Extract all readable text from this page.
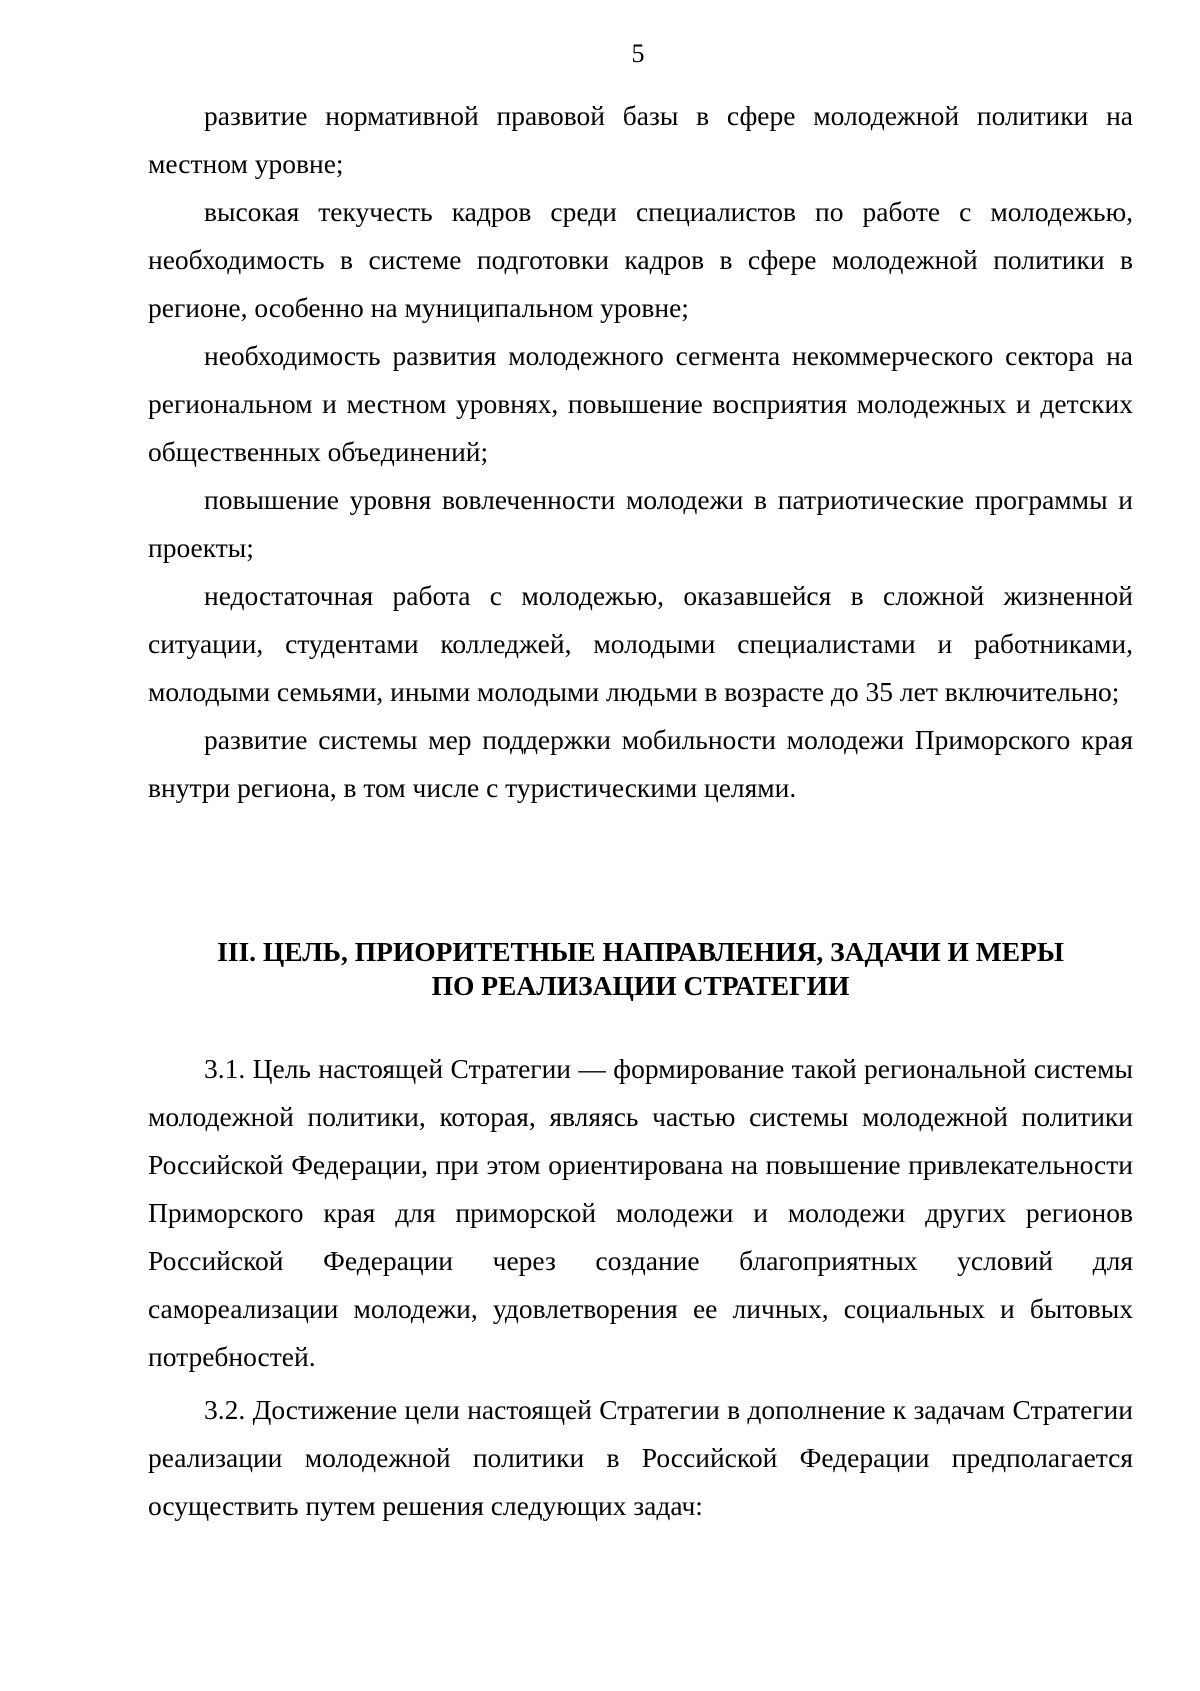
5

развитие нормативной правовой базы в сфере молодежной политики на местном уровне;

высокая текучесть кадров среди специалистов по работе с молодежью, необходимость в системе подготовки кадров в сфере молодежной политики в регионе, особенно на муниципальном уровне;

необходимость развития молодежного сегмента некоммерческого сектора на региональном и местном уровнях, повышение восприятия молодежных и детских общественных объединений;

повышение уровня вовлеченности молодежи в патриотические программы и проекты;

недостаточная работа с молодежью, оказавшейся в сложной жизненной ситуации, студентами колледжей, молодыми специалистами и работниками, молодыми семьями, иными молодыми людьми в возрасте до 35 лет включительно;

развитие системы мер поддержки мобильности молодежи Приморского края внутри региона, в том числе с туристическими целями.

III. ЦЕЛЬ, ПРИОРИТЕТНЫЕ НАПРАВЛЕНИЯ, ЗАДАЧИ И МЕРЫ
ПО РЕАЛИЗАЦИИ СТРАТЕГИИ

3.1. Цель настоящей Стратегии — формирование такой региональной системы молодежной политики, которая, являясь частью системы молодежной политики Российской Федерации, при этом ориентирована на повышение привлекательности Приморского края для приморской молодежи и молодежи других регионов Российской Федерации через создание благоприятных условий для самореализации молодежи, удовлетворения ее личных, социальных и бытовых потребностей.

3.2. Достижение цели настоящей Стратегии в дополнение к задачам Стратегии реализации молодежной политики в Российской Федерации предполагается осуществить путем решения следующих задач:
